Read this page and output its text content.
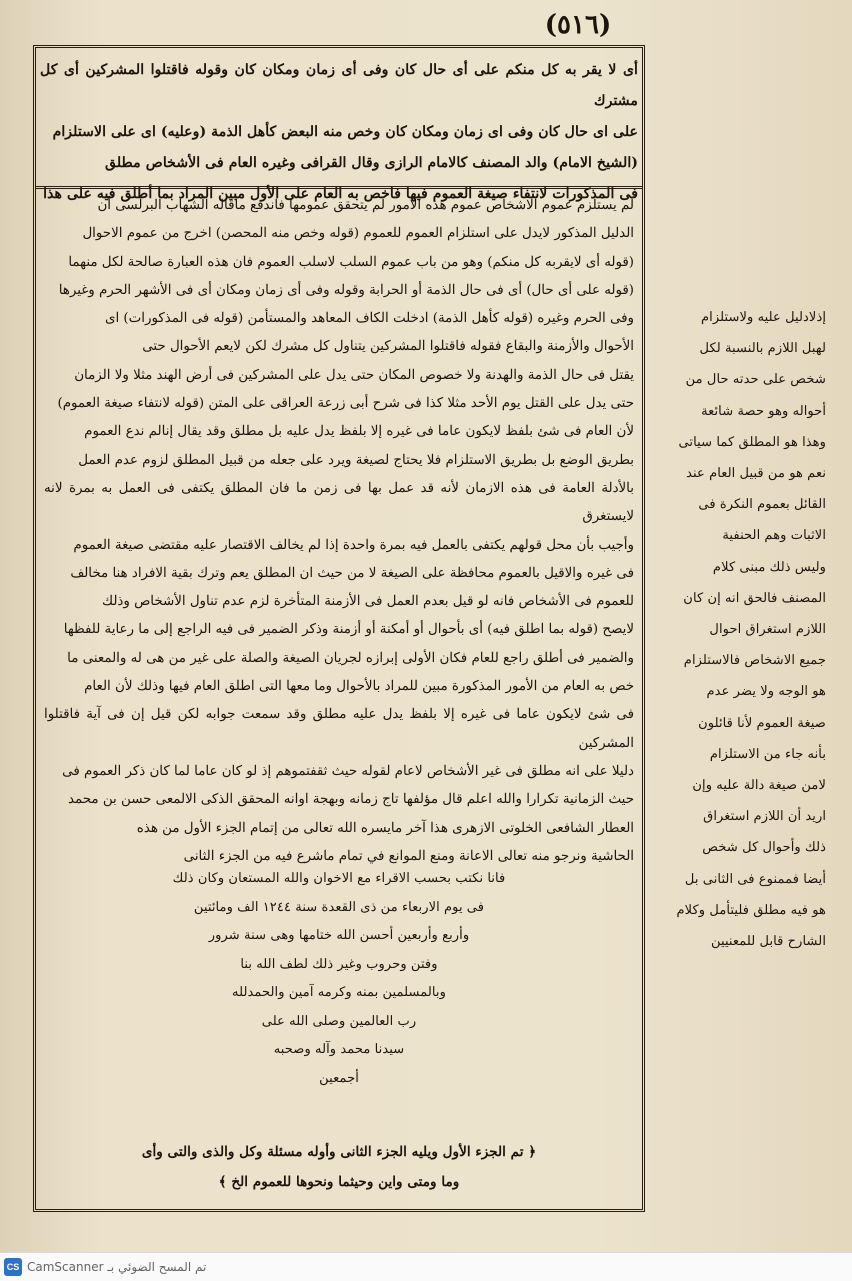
(٥١٦)
أى لا يقر به كل منكم على أى حال كان وفى أى زمان ومكان كان وقوله فاقتلوا المشركين أى كل مشترك
على اى حال كان وفى اى زمان ومكان كان وخص منه البعض كأهل الذمة (وعليه) اى على الاستلزام
(الشيخ الامام) والد المصنف كالامام الرازى وقال القرافى وغيره العام فى الأشخاص مطلق
فى المذكورات لانتفاء صيغة العموم فيها فاخص به العام على الأول مبين المراد بما أطلق فيه على هذا
لم يستلزم عموم الاشخاص عموم هذه الامور لم يتحقق عمومها فاندفع ماقاله الشهاب البرلسى أن
الدليل المذكور لايدل على استلزام العموم للعموم (قوله وخص منه المحصن) اخرج من عموم الاحوال
(قوله أى لايقربه كل منكم) وهو من باب عموم السلب لاسلب العموم فان هذه العبارة صالحة لكل منهما
(قوله على أى حال) أى فى حال الذمة أو الحرابة وقوله وفى أى زمان ومكان أى فى الأشهر الحرم وغيرها
وفى الحرم وغيره (قوله كأهل الذمة) ادخلت الكاف المعاهد والمستأمن (قوله فى المذكورات) اى
الأحوال والأزمنة والبقاع فقوله فاقتلوا المشركين يتناول كل مشرك لكن لايعم الأحوال حتى
يقتل فى حال الذمة والهدنة ولا خصوص المكان حتى يدل على المشركين فى أرض الهند مثلا ولا الزمان
حتى يدل على القتل يوم الأحد مثلا كذا فى شرح أبى زرعة العراقى على المتن (قوله لانتفاء صيغة العموم)
لأن العام فى شئ بلفظ لايكون عاما فى غيره إلا بلفظ يدل عليه بل مطلق وقد يقال إنالم ندع العموم
بطريق الوضع بل بطريق الاستلزام فلا يحتاج لصيغة ويرد على جعله من قبيل المطلق لزوم عدم العمل
بالأدلة العامة فى هذه الازمان لأنه قد عمل بها فى زمن ما فان المطلق يكتفى فى العمل به بمرة لانه لايستغرق
وأجيب بأن محل قولهم يكتفى بالعمل فيه بمرة واحدة إذا لم يخالف الاقتصار عليه مقتضى صيغة العموم
فى غيره والاقيل بالعموم محافظة على الصيغة لا من حيث ان المطلق يعم وترك بقية الافراد هنا مخالف
للعموم فى الأشخاص فانه لو قيل بعدم العمل فى الأزمنة المتأخرة لزم عدم تناول الأشخاص وذلك
لايصح (قوله بما اطلق فيه) أى بأحوال أو أمكنة أو أزمنة وذكر الضمير فى فيه الراجع إلى ما رعاية للفظها
والضمير فى أطلق راجع للعام فكان الأولى إبرازه لجريان الصيغة والصلة على غير من هى له والمعنى ما
خص به العام من الأمور المذكورة مبين للمراد بالأحوال وما معها التى اطلق العام فيها وذلك لأن العام
فى شئ لايكون عاما فى غيره إلا بلفظ يدل عليه مطلق وقد سمعت جوابه لكن قيل إن فى آية فاقتلوا المشركين
دليلا على انه مطلق فى غير الأشخاص لاعام لقوله حيث ثقفتموهم إذ لو كان عاما لما كان ذكر العموم فى
حيث الزمانية تكرارا والله اعلم قال مؤلفها تاج زمانه وبهجة اوانه المحقق الذكى الالمعى حسن بن محمد
العطار الشافعى الخلوتى الازهرى هذا آخر مايسره الله تعالى من إتمام الجزء الأول من هذه
الحاشية ونرجو منه تعالى الاعانة ومنع الموانع في تمام ماشرع فيه من الجزء الثانى
فانا نكتب بحسب الاقراء مع الاخوان والله المستعان وكان ذلك
فى يوم الاربعاء من ذى القعدة سنة ١٢٤٤ الف ومائتين
وأربع وأربعين أحسن الله ختامها وهى سنة شرور
وفتن وحروب وغير ذلك لطف الله بنا
وبالمسلمين بمنه وكرمه آمين والحمدلله
رب العالمين وصلى الله على
سيدنا محمد وآله وصحبه
أجمعين
﴿ تم الجزء الأول ويليه الجزء الثانى وأوله مسئلة وكل والذى والتى وأى
وما ومتى واين وحيثما ونحوها للعموم الخ ﴾
إذلادليل عليه ولاستلزام
لهبل اللازم بالنسبة لكل
شخص على حدته حال من
أحواله وهو حصة شائعة
وهذا هو المطلق كما سياتى
نعم هو من قبيل العام عند
القائل بعموم النكرة فى
الاثبات وهم الحنفية
وليس ذلك مبنى كلام
المصنف فالحق انه إن كان
اللازم استغراق احوال
جميع الاشخاص فالاستلزام
هو الوجه ولا يضر عدم
صيغة العموم لأنا قائلون
بأنه جاء من الاستلزام
لامن صيغة دالة عليه وإن
اريد أن اللازم استغراق
ذلك وأحوال كل شخص
أيضا فممنوع فى الثانى بل
هو فيه مطلق فليتأمل وكلام
الشارح قابل للمعنيين
CS تم المسح الضوئي بـ CamScanner
